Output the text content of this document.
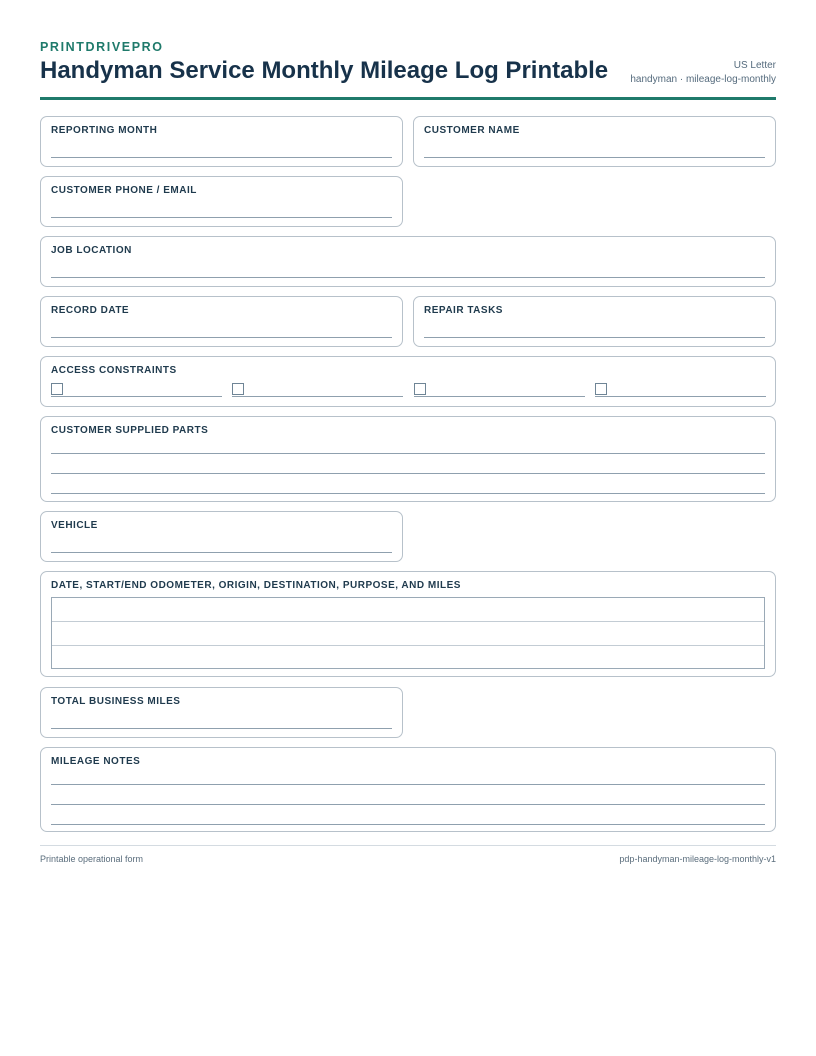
PRINTDRIVEPRO
Handyman Service Monthly Mileage Log Printable	US Letter
handyman · mileage-log-monthly
REPORTING MONTH	CUSTOMER NAME
CUSTOMER PHONE / EMAIL
JOB LOCATION
RECORD DATE	REPAIR TASKS
ACCESS CONSTRAINTS
CUSTOMER SUPPLIED PARTS
VEHICLE
DATE, START/END ODOMETER, ORIGIN, DESTINATION, PURPOSE, AND MILES
TOTAL BUSINESS MILES
MILEAGE NOTES
Printable operational form	pdp-handyman-mileage-log-monthly-v1
